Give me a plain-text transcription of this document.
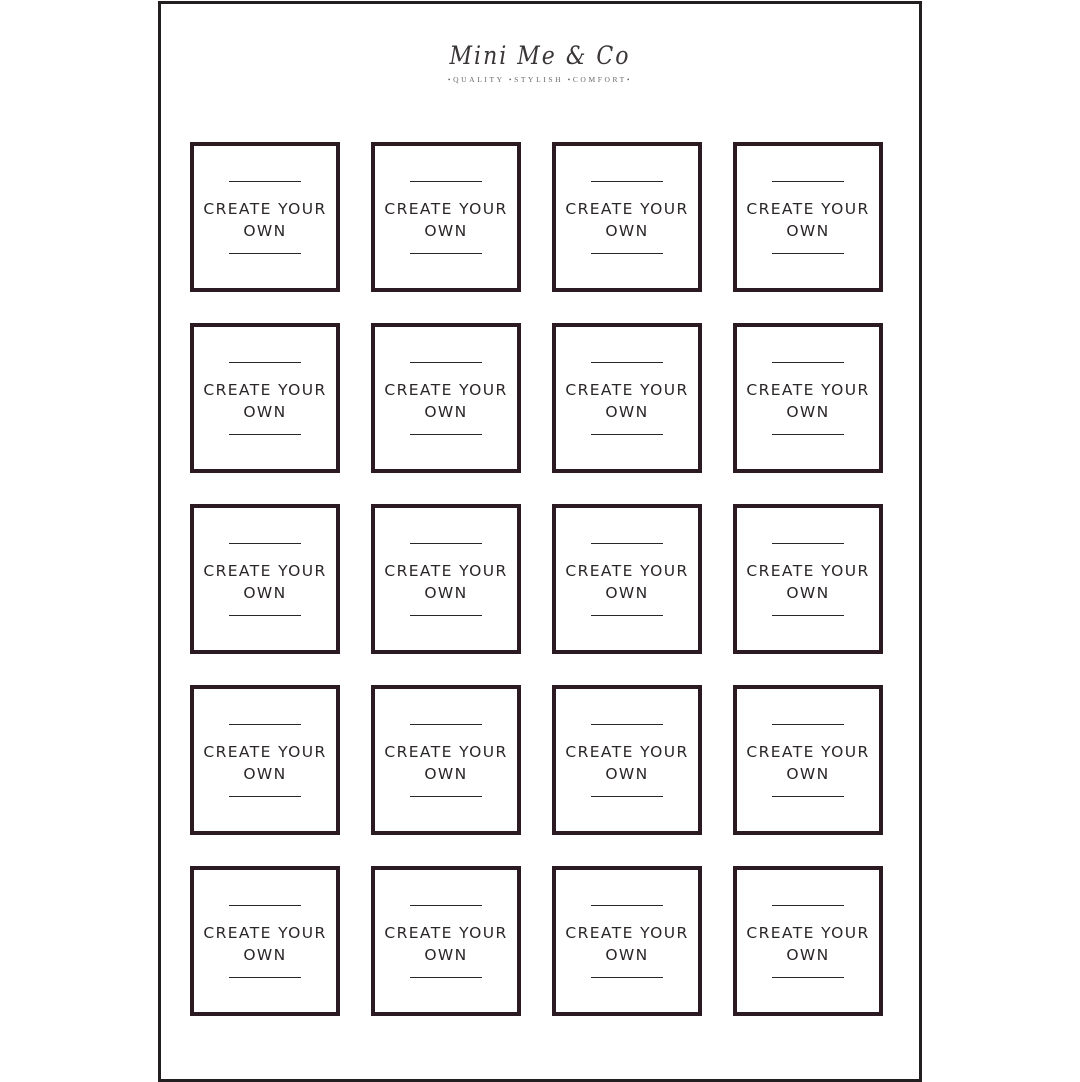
Mini Me & Co
•QUALITY •STYLISH •COMFORT•
CREATE YOUR
OWN
CREATE YOUR
OWN
CREATE YOUR
OWN
CREATE YOUR
OWN
CREATE YOUR
OWN
CREATE YOUR
OWN
CREATE YOUR
OWN
CREATE YOUR
OWN
CREATE YOUR
OWN
CREATE YOUR
OWN
CREATE YOUR
OWN
CREATE YOUR
OWN
CREATE YOUR
OWN
CREATE YOUR
OWN
CREATE YOUR
OWN
CREATE YOUR
OWN
CREATE YOUR
OWN
CREATE YOUR
OWN
CREATE YOUR
OWN
CREATE YOUR
OWN
